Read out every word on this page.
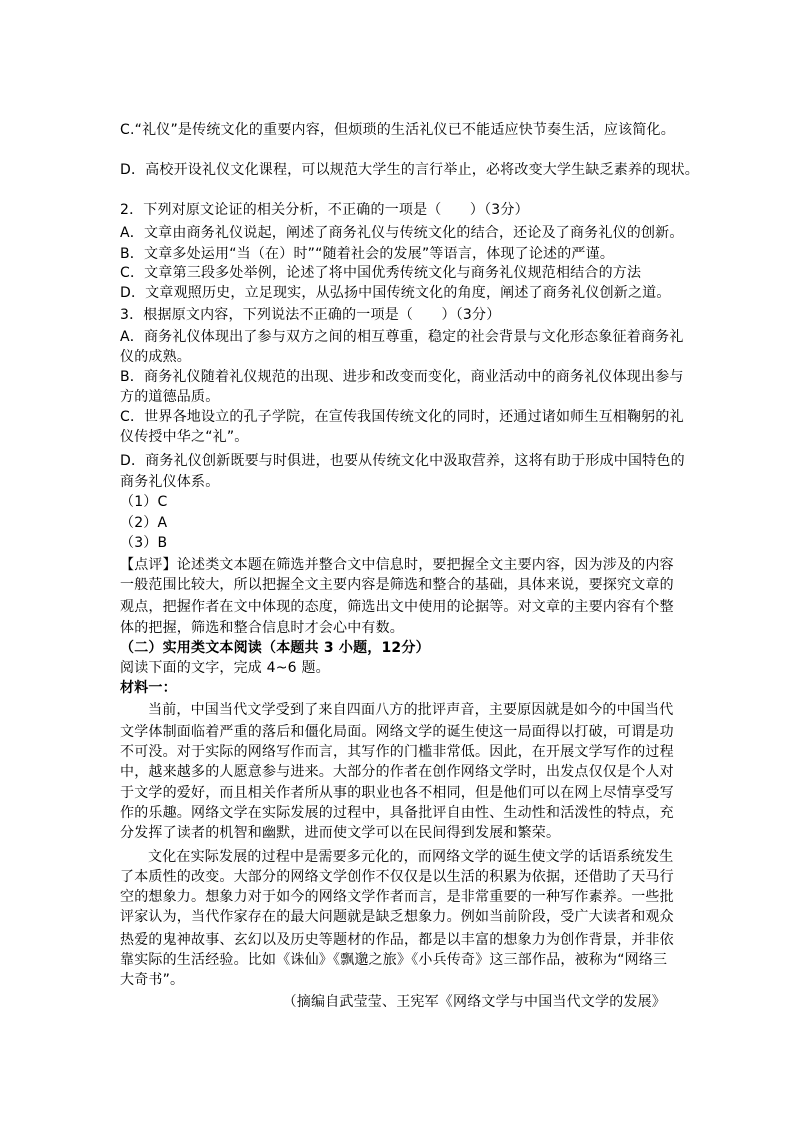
C.“礼仪”是传统文化的重要内容，但烦琐的生活礼仪已不能适应快节奏生活，应该简化。
D．高校开设礼仪文化课程，可以规范大学生的言行举止，必将改变大学生缺乏素养的现状。
2．下列对原文论证的相关分析，不正确的一项是（　　）（3分）
A．文章由商务礼仪说起，阐述了商务礼仪与传统文化的结合，还论及了商务礼仪的创新。
B．文章多处运用“当（在）时”“随着社会的发展”等语言，体现了论述的严谨。
C．文章第三段多处举例，论述了将中国优秀传统文化与商务礼仪规范相结合的方法
D．文章观照历史，立足现实，从弘扬中国传统文化的角度，阐述了商务礼仪创新之道。
3．根据原文内容，下列说法不正确的一项是（　　）（3分）
A．商务礼仪体现出了参与双方之间的相互尊重，稳定的社会背景与文化形态象征着商务礼
仪的成熟。
B．商务礼仪随着礼仪规范的出现、进步和改变而变化，商业活动中的商务礼仪体现出参与
方的道德品质。
C．世界各地设立的孔子学院，在宣传我国传统文化的同时，还通过诸如师生互相鞠躬的礼
仪传授中华之“礼”。
D．商务礼仪创新既要与时俱进，也要从传统文化中汲取营养，这将有助于形成中国特色的
商务礼仪体系。
（1）C
（2）A
（3）B
【点评】论述类文本题在筛选并整合文中信息时，要把握全文主要内容，因为涉及的内容
一般范围比较大，所以把握全文主要内容是筛选和整合的基础，具体来说，要探究文章的
观点，把握作者在文中体现的态度，筛选出文中使用的论据等。对文章的主要内容有个整
体的把握，筛选和整合信息时才会心中有数。
（二）实用类文本阅读（本题共 3 小题，12分）
阅读下面的文字，完成 4~6 题。
材料一：
当前，中国当代文学受到了来自四面八方的批评声音，主要原因就是如今的中国当代
文学体制面临着严重的落后和僵化局面。网络文学的诞生使这一局面得以打破，可谓是功
不可没。对于实际的网络写作而言，其写作的门槛非常低。因此，在开展文学写作的过程
中，越来越多的人愿意参与进来。大部分的作者在创作网络文学时，出发点仅仅是个人对
于文学的爱好，而且相关作者所从事的职业也各不相同，但是他们可以在网上尽情享受写
作的乐趣。网络文学在实际发展的过程中，具备批评自由性、生动性和活泼性的特点，充
分发挥了读者的机智和幽默，进而使文学可以在民间得到发展和繁荣。
文化在实际发展的过程中是需要多元化的，而网络文学的诞生使文学的话语系统发生
了本质性的改变。大部分的网络文学创作不仅仅是以生活的积累为依据，还借助了天马行
空的想象力。想象力对于如今的网络文学作者而言，是非常重要的一种写作素养。一些批
评家认为，当代作家存在的最大问题就是缺乏想象力。例如当前阶段，受广大读者和观众
热爱的鬼神故事、玄幻以及历史等题材的作品，都是以丰富的想象力为创作背景，并非依
靠实际的生活经验。比如《诛仙》《飘邈之旅》《小兵传奇》这三部作品，被称为“网络三
大奇书”。
（摘编自武莹莹、王宪军《网络文学与中国当代文学的发展》
